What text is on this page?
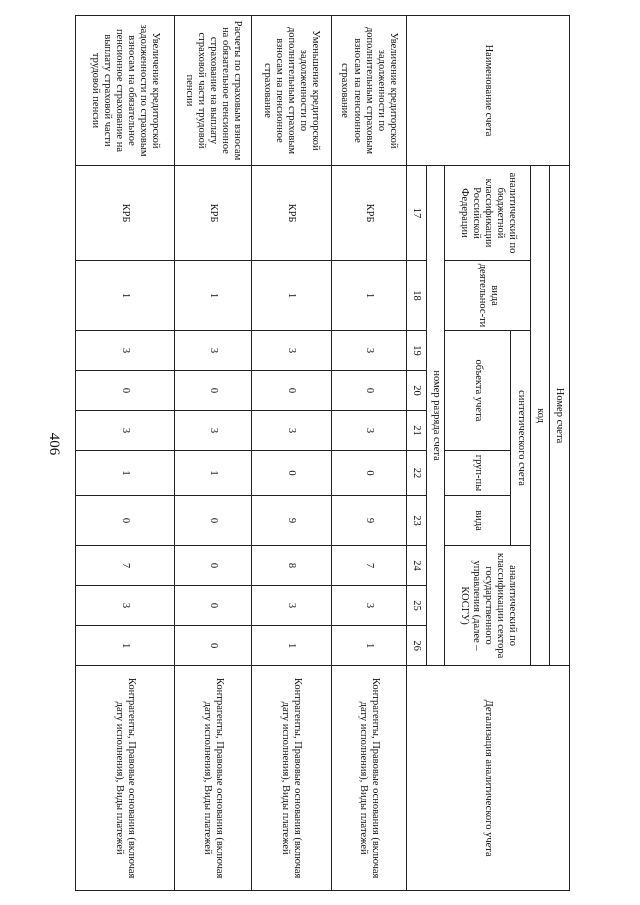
406
Наименование счета	Номер счета										Детализация аналитического учета
	код										
	аналитический по бюджетной классификации Российской Федерации	вида деятельнос-ти	синтетического счета					аналитический по классификации сектора государственного управления (далее – КОСГУ)			
			объекта учета			груп-пы	вида				
	номер разряда счета										
	17	18	19	20	21	22	23	24	25	26	
Увеличение кредиторской задолженности по дополнительным страховым взносам на пенсионное страхование	КРБ	1	3	0	3	0	9	7	3	1	Контрагенты, Правовые основания (включая дату исполнения), Виды платежей
Уменьшение кредиторской задолженности по дополнительным страховым взносам на пенсионное страхование	КРБ	1	3	0	3	0	9	8	3	1	Контрагенты, Правовые основания (включая дату исполнения), Виды платежей
Расчеты по страховым взносам на обязательное пенсионное страхование на выплату страховой части трудовой пенсии	КРБ	1	3	0	3	1	0	0	0	0	Контрагенты, Правовые основания (включая дату исполнения), Виды платежей
Увеличение кредиторской задолженности по страховым взносам на обязательное пенсионное страхование на выплату страховой части трудовой пенсии	КРБ	1	3	0	3	1	0	7	3	1	Контрагенты, Правовые основания (включая дату исполнения), Виды платежей
